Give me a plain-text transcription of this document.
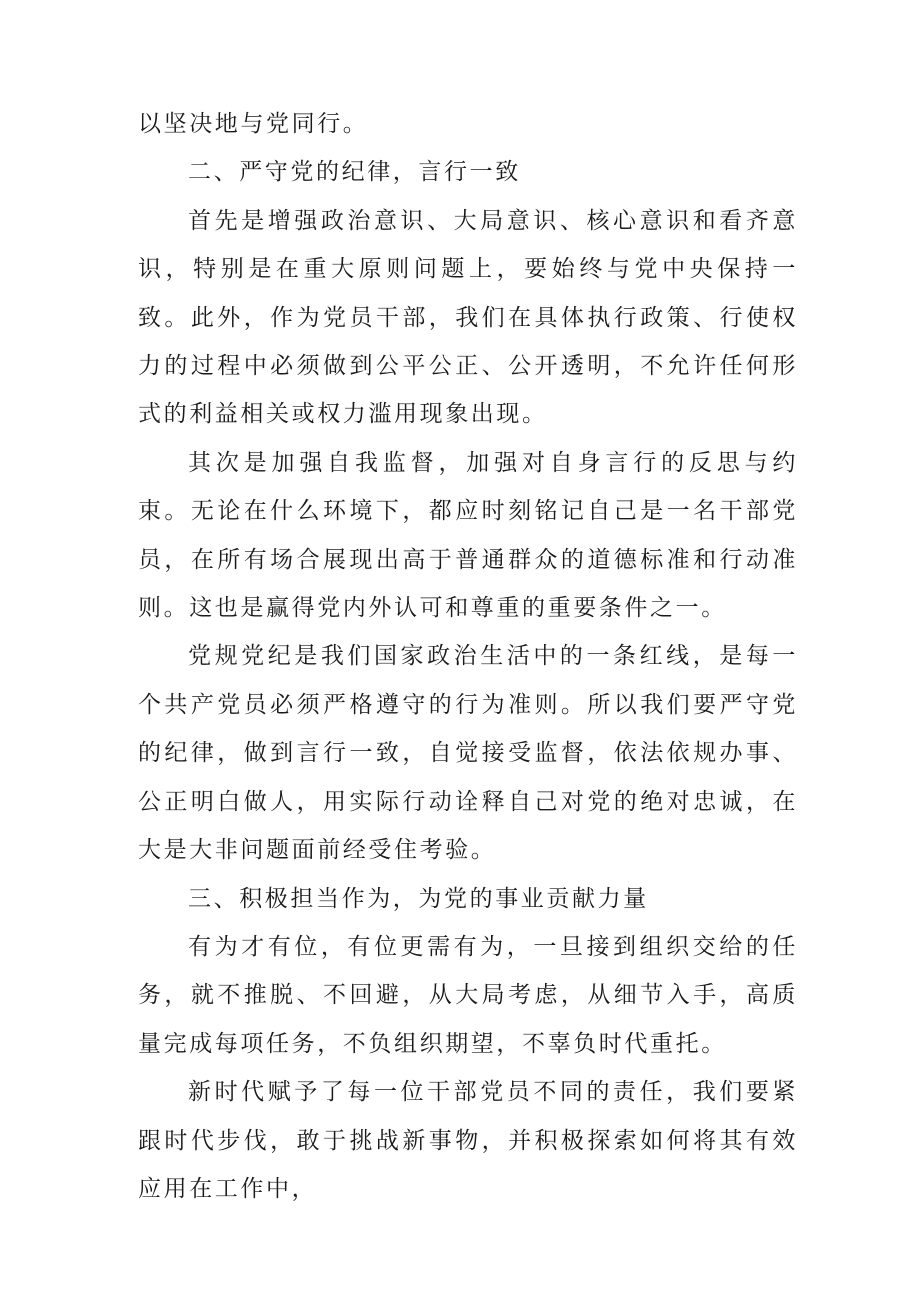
以坚决地与党同行。

二、严守党的纪律，言行一致

首先是增强政治意识、大局意识、核心意识和看齐意识，特别是在重大原则问题上，要始终与党中央保持一致。此外，作为党员干部，我们在具体执行政策、行使权力的过程中必须做到公平公正、公开透明，不允许任何形式的利益相关或权力滥用现象出现。

其次是加强自我监督，加强对自身言行的反思与约束。无论在什么环境下，都应时刻铭记自己是一名干部党员，在所有场合展现出高于普通群众的道德标准和行动准则。这也是赢得党内外认可和尊重的重要条件之一。

党规党纪是我们国家政治生活中的一条红线，是每一个共产党员必须严格遵守的行为准则。所以我们要严守党的纪律，做到言行一致，自觉接受监督，依法依规办事、公正明白做人，用实际行动诠释自己对党的绝对忠诚，在大是大非问题面前经受住考验。

三、积极担当作为，为党的事业贡献力量

有为才有位，有位更需有为，一旦接到组织交给的任务，就不推脱、不回避，从大局考虑，从细节入手，高质量完成每项任务，不负组织期望，不辜负时代重托。

新时代赋予了每一位干部党员不同的责任，我们要紧跟时代步伐，敢于挑战新事物，并积极探索如何将其有效应用在工作中，
